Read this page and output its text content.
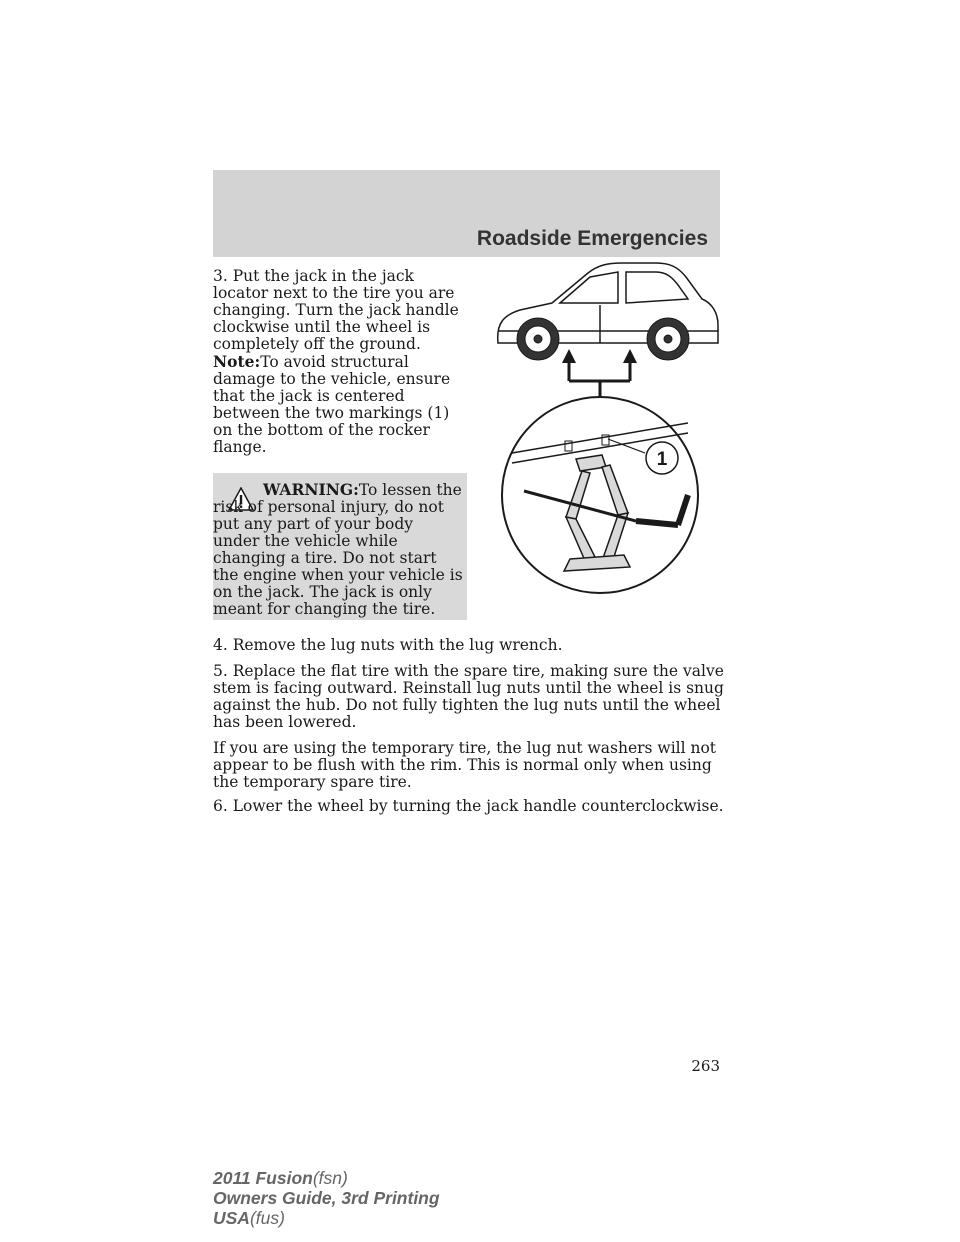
Roadside Emergencies

3. Put the jack in the jack locator next to the tire you are changing. Turn the jack handle clockwise until the wheel is completely off the ground.

Note:To avoid structural damage to the vehicle, ensure that the jack is centered between the two markings (1) on the bottom of the rocker flange.

WARNING:To lessen the risk of personal injury, do not put any part of your body under the vehicle while changing a tire. Do not start the engine when your vehicle is on the jack. The jack is only meant for changing the tire.

1

4. Remove the lug nuts with the lug wrench.

5. Replace the flat tire with the spare tire, making sure the valve stem is facing outward. Reinstall lug nuts until the wheel is snug against the hub. Do not fully tighten the lug nuts until the wheel has been lowered.

If you are using the temporary tire, the lug nut washers will not appear to be flush with the rim. This is normal only when using the temporary spare tire.

6. Lower the wheel by turning the jack handle counterclockwise.

263
2011 Fusion(fsn)
Owners Guide, 3rd Printing
USA(fus)
